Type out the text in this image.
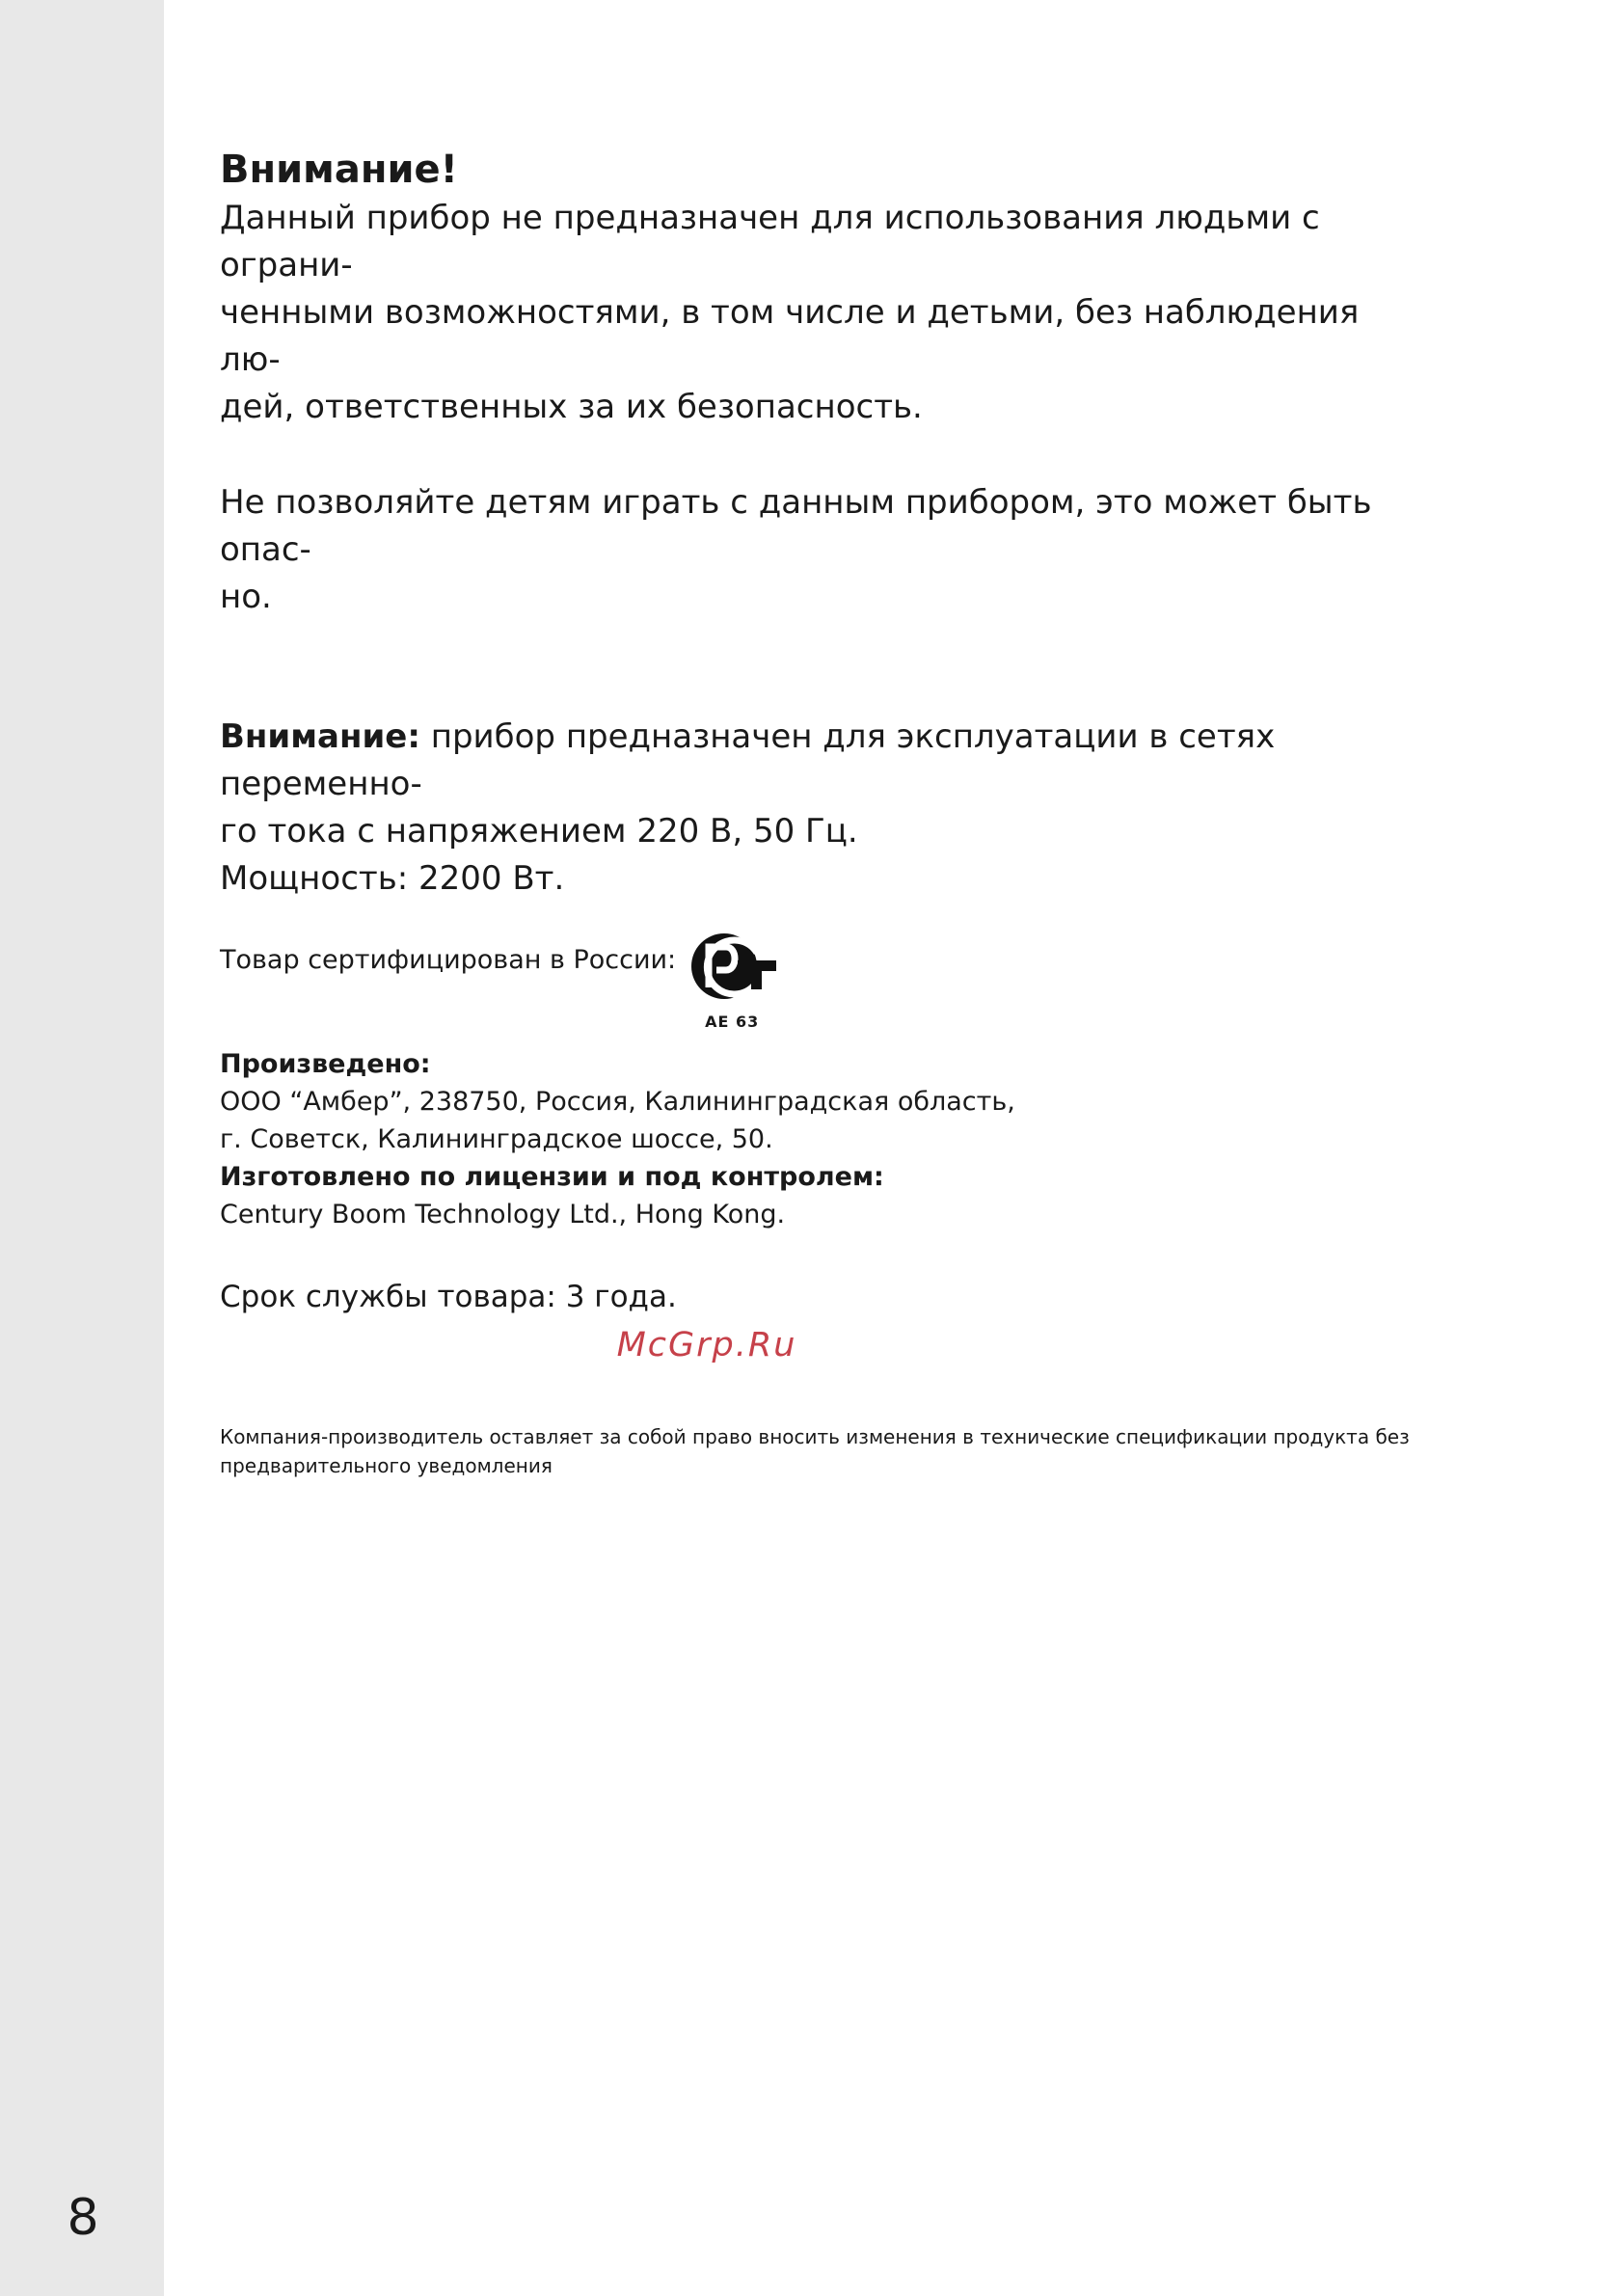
8

Внимание!

Данный прибор не предназначен для использования людьми с ограни-

ченными возможностями, в том числе и детьми, без наблюдения лю-

дей, ответственных за их безопасность.

Не позволяйте детям играть с данным прибором, это может быть опас-

но.

Внимание: прибор предназначен для эксплуатации в сетях переменно-

го тока с напряжением 220 В, 50 Гц.

Мощность: 2200 Вт.

Товар сертифицирован в России:
АЕ 63

Произведено:

ООО “Амбер”, 238750, Россия, Калининградская область,

г. Советск, Калининградское шоссе, 50.

Изготовлено по лицензии и под контролем:

Century Boom Technology Ltd., Hong Kong.

Срок службы товара: 3 года.

McGrp.Ru

Компания-производитель оставляет за собой право вносить изменения в технические спецификации продукта без

предварительного уведомления
